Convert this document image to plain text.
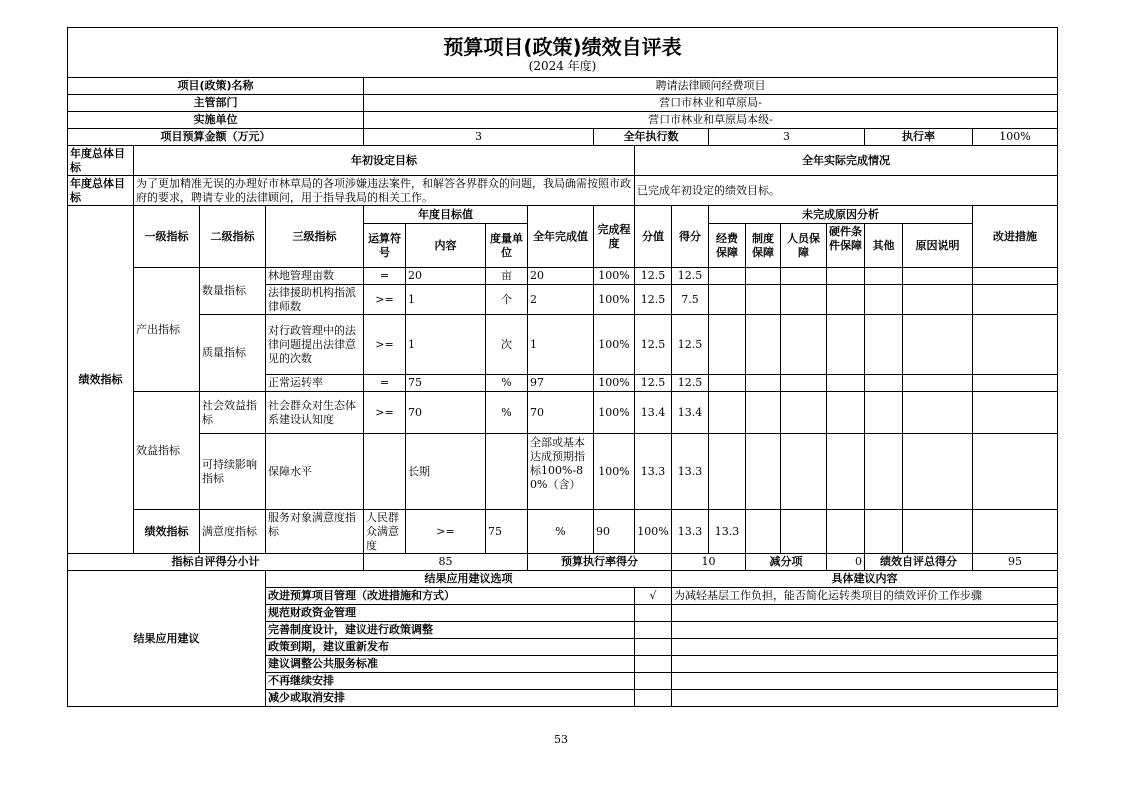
预算项目(政策)绩效自评表
(2024 年度)																		

项目(政策)名称				聘请法律顾问经费项目														
主管部门				营口市林业和草原局-														
实施单位				营口市林业和草原局本级-														
项目预算金额（万元）				3				全年执行数			3				执行率		100%	

年度总体目标	年初设定目标								全年实际完成情况									

年度总体目标	为了更加精准无误的办理好市林草局的各项涉嫌违法案件，和解答各界群众的问题，我局确需按照市政府的要求，聘请专业的法律顾问，用于指导我局的相关工作。								已完成年初设定的绩效目标。									
绩效指标	一级指标	二级指标	三级指标	年度目标值			全年完成值	完成程度	分值	得分	未完成原因分析						改进措施	
				运算符号	内容	度量单位					经费保障	制度保障	人员保障	硬件条件保障	其他	原因说明		

	产出指标	数量指标	林地管理亩数	=	20	亩	20	100%	12.5	12.5								
			法律援助机构指派律师数	>=	1	个	2	100%	12.5	7.5								
		质量指标	对行政管理中的法律问题提出法律意见的次数	>=	1	次	1	100%	12.5	12.5								
			正常运转率	=	75	%	97	100%	12.5	12.5								
	效益指标	社会效益指标	社会群众对生态体系建设认知度	>=	70	%	70	100%	13.4	13.4								
		可持续影响指标	保障水平		长期		全部或基本达成预期指标100%-80%（含）	100%	13.3	13.3								
	绩效指标	满意度指标	服务对象满意度指标	人民群众满意度	>=	75	%	90	100%	13.3	13.3							
指标自评得分小计				85			预算执行率得分			10		减分项		0	绩效自评总得分		95	
结果应用建议			结果应用建议选项							具体建议内容								
			改进预算项目管理（改进措施和方式）						√	为减轻基层工作负担，能否简化运转类项目的绩效评价工作步骤								
			规范财政资金管理															
			完善制度设计，建议进行政策调整															
			政策到期，建议重新发布															
			建议调整公共服务标准															
			不再继续安排															
			减少或取消安排															
53
